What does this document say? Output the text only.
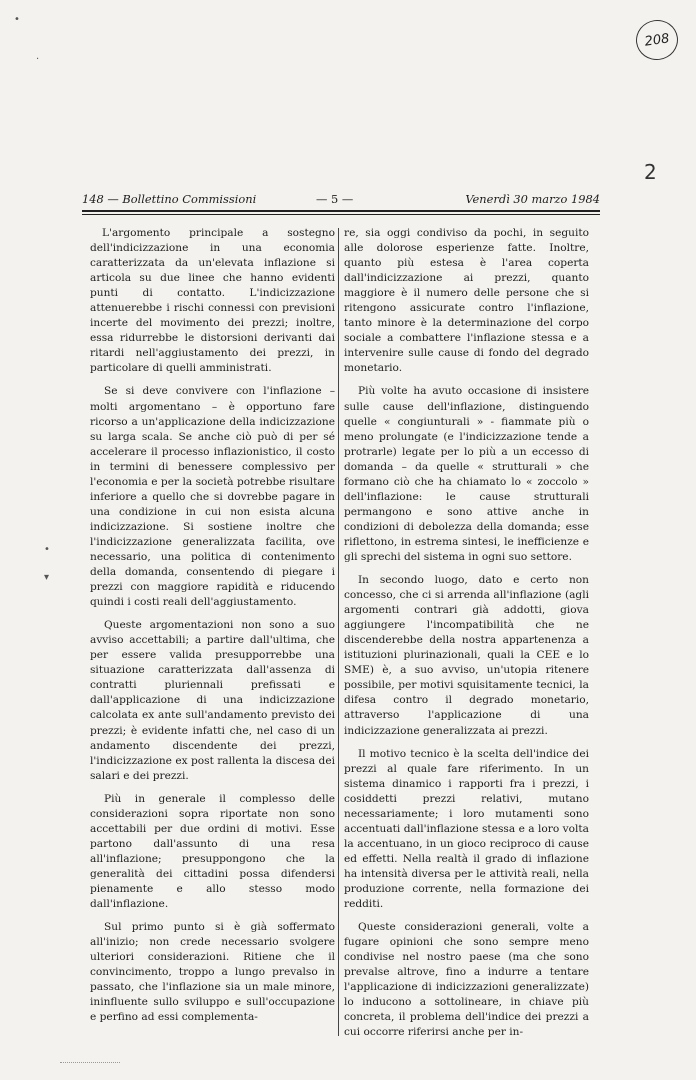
208
2
•
·
•
▾
148 — Bollettino Commissioni	— 5 —	Venerdì 30 marzo 1984

L'argomento principale a sostegno dell'indicizzazione in una economia caratterizzata da un'elevata inflazione si articola su due linee che hanno evidenti punti di contatto. L'indicizzazione attenuerebbe i rischi connessi con previsioni incerte del movimento dei prezzi; inoltre, essa ridurrebbe le distorsioni derivanti dai ritardi nell'aggiustamento dei prezzi, in particolare di quelli amministrati.

Se si deve convivere con l'inflazione – molti argomentano – è opportuno fare ricorso a un'applicazione della indicizzazione su larga scala. Se anche ciò può di per sé accelerare il processo inflazionistico, il costo in termini di benessere complessivo per l'economia e per la società potrebbe risultare inferiore a quello che si dovrebbe pagare in una condizione in cui non esista alcuna indicizzazione. Si sostiene inoltre che l'indicizzazione generalizzata facilita, ove necessario, una politica di contenimento della domanda, consentendo di piegare i prezzi con maggiore rapidità e riducendo quindi i costi reali dell'aggiustamento.

Queste argomentazioni non sono a suo avviso accettabili; a partire dall'ultima, che per essere valida presupporrebbe una situazione caratterizzata dall'assenza di contratti pluriennali prefissati e dall'applicazione di una indicizzazione calcolata ex ante sull'andamento previsto dei prezzi; è evidente infatti che, nel caso di un andamento discendente dei prezzi, l'indicizzazione ex post rallenta la discesa dei salari e dei prezzi.

Più in generale il complesso delle considerazioni sopra riportate non sono accettabili per due ordini di motivi. Esse partono dall'assunto di una resa all'inflazione; presuppongono che la generalità dei cittadini possa difendersi pienamente e allo stesso modo dall'inflazione.

Sul primo punto si è già soffermato all'inizio; non crede necessario svolgere ulteriori considerazioni. Ritiene che il convincimento, troppo a lungo prevalso in passato, che l'inflazione sia un male minore, ininfluente sullo sviluppo e sull'occupazione e perfino ad essi complementa-

re, sia oggi condiviso da pochi, in seguito alle dolorose esperienze fatte. Inoltre, quanto più estesa è l'area coperta dall'indicizzazione ai prezzi, quanto maggiore è il numero delle persone che si ritengono assicurate contro l'inflazione, tanto minore è la determinazione del corpo sociale a combattere l'inflazione stessa e a intervenire sulle cause di fondo del degrado monetario.

Più volte ha avuto occasione di insistere sulle cause dell'inflazione, distinguendo quelle « congiunturali » - fiammate più o meno prolungate (e l'indicizzazione tende a protrarle) legate per lo più a un eccesso di domanda – da quelle « strutturali » che formano ciò che ha chiamato lo « zoccolo » dell'inflazione: le cause strutturali permangono e sono attive anche in condizioni di debolezza della domanda; esse riflettono, in estrema sintesi, le inefficienze e gli sprechi del sistema in ogni suo settore.

In secondo luogo, dato e certo non concesso, che ci si arrenda all'inflazione (agli argomenti contrari già addotti, giova aggiungere l'incompatibilità che ne discenderebbe della nostra appartenenza a istituzioni plurinazionali, quali la CEE e lo SME) è, a suo avviso, un'utopia ritenere possibile, per motivi squisitamente tecnici, la difesa contro il degrado monetario, attraverso l'applicazione di una indicizzazione generalizzata ai prezzi.

Il motivo tecnico è la scelta dell'indice dei prezzi al quale fare riferimento. In un sistema dinamico i rapporti fra i prezzi, i cosiddetti prezzi relativi, mutano necessariamente; i loro mutamenti sono accentuati dall'inflazione stessa e a loro volta la accentuano, in un gioco reciproco di cause ed effetti. Nella realtà il grado di inflazione ha intensità diversa per le attività reali, nella produzione corrente, nella formazione dei redditi.

Queste considerazioni generali, volte a fugare opinioni che sono sempre meno condivise nel nostro paese (ma che sono prevalse altrove, fino a indurre a tentare l'applicazione di indicizzazioni generalizzate) lo inducono a sottolineare, in chiave più concreta, il problema dell'indice dei prezzi a cui occorre riferirsi anche per in-
